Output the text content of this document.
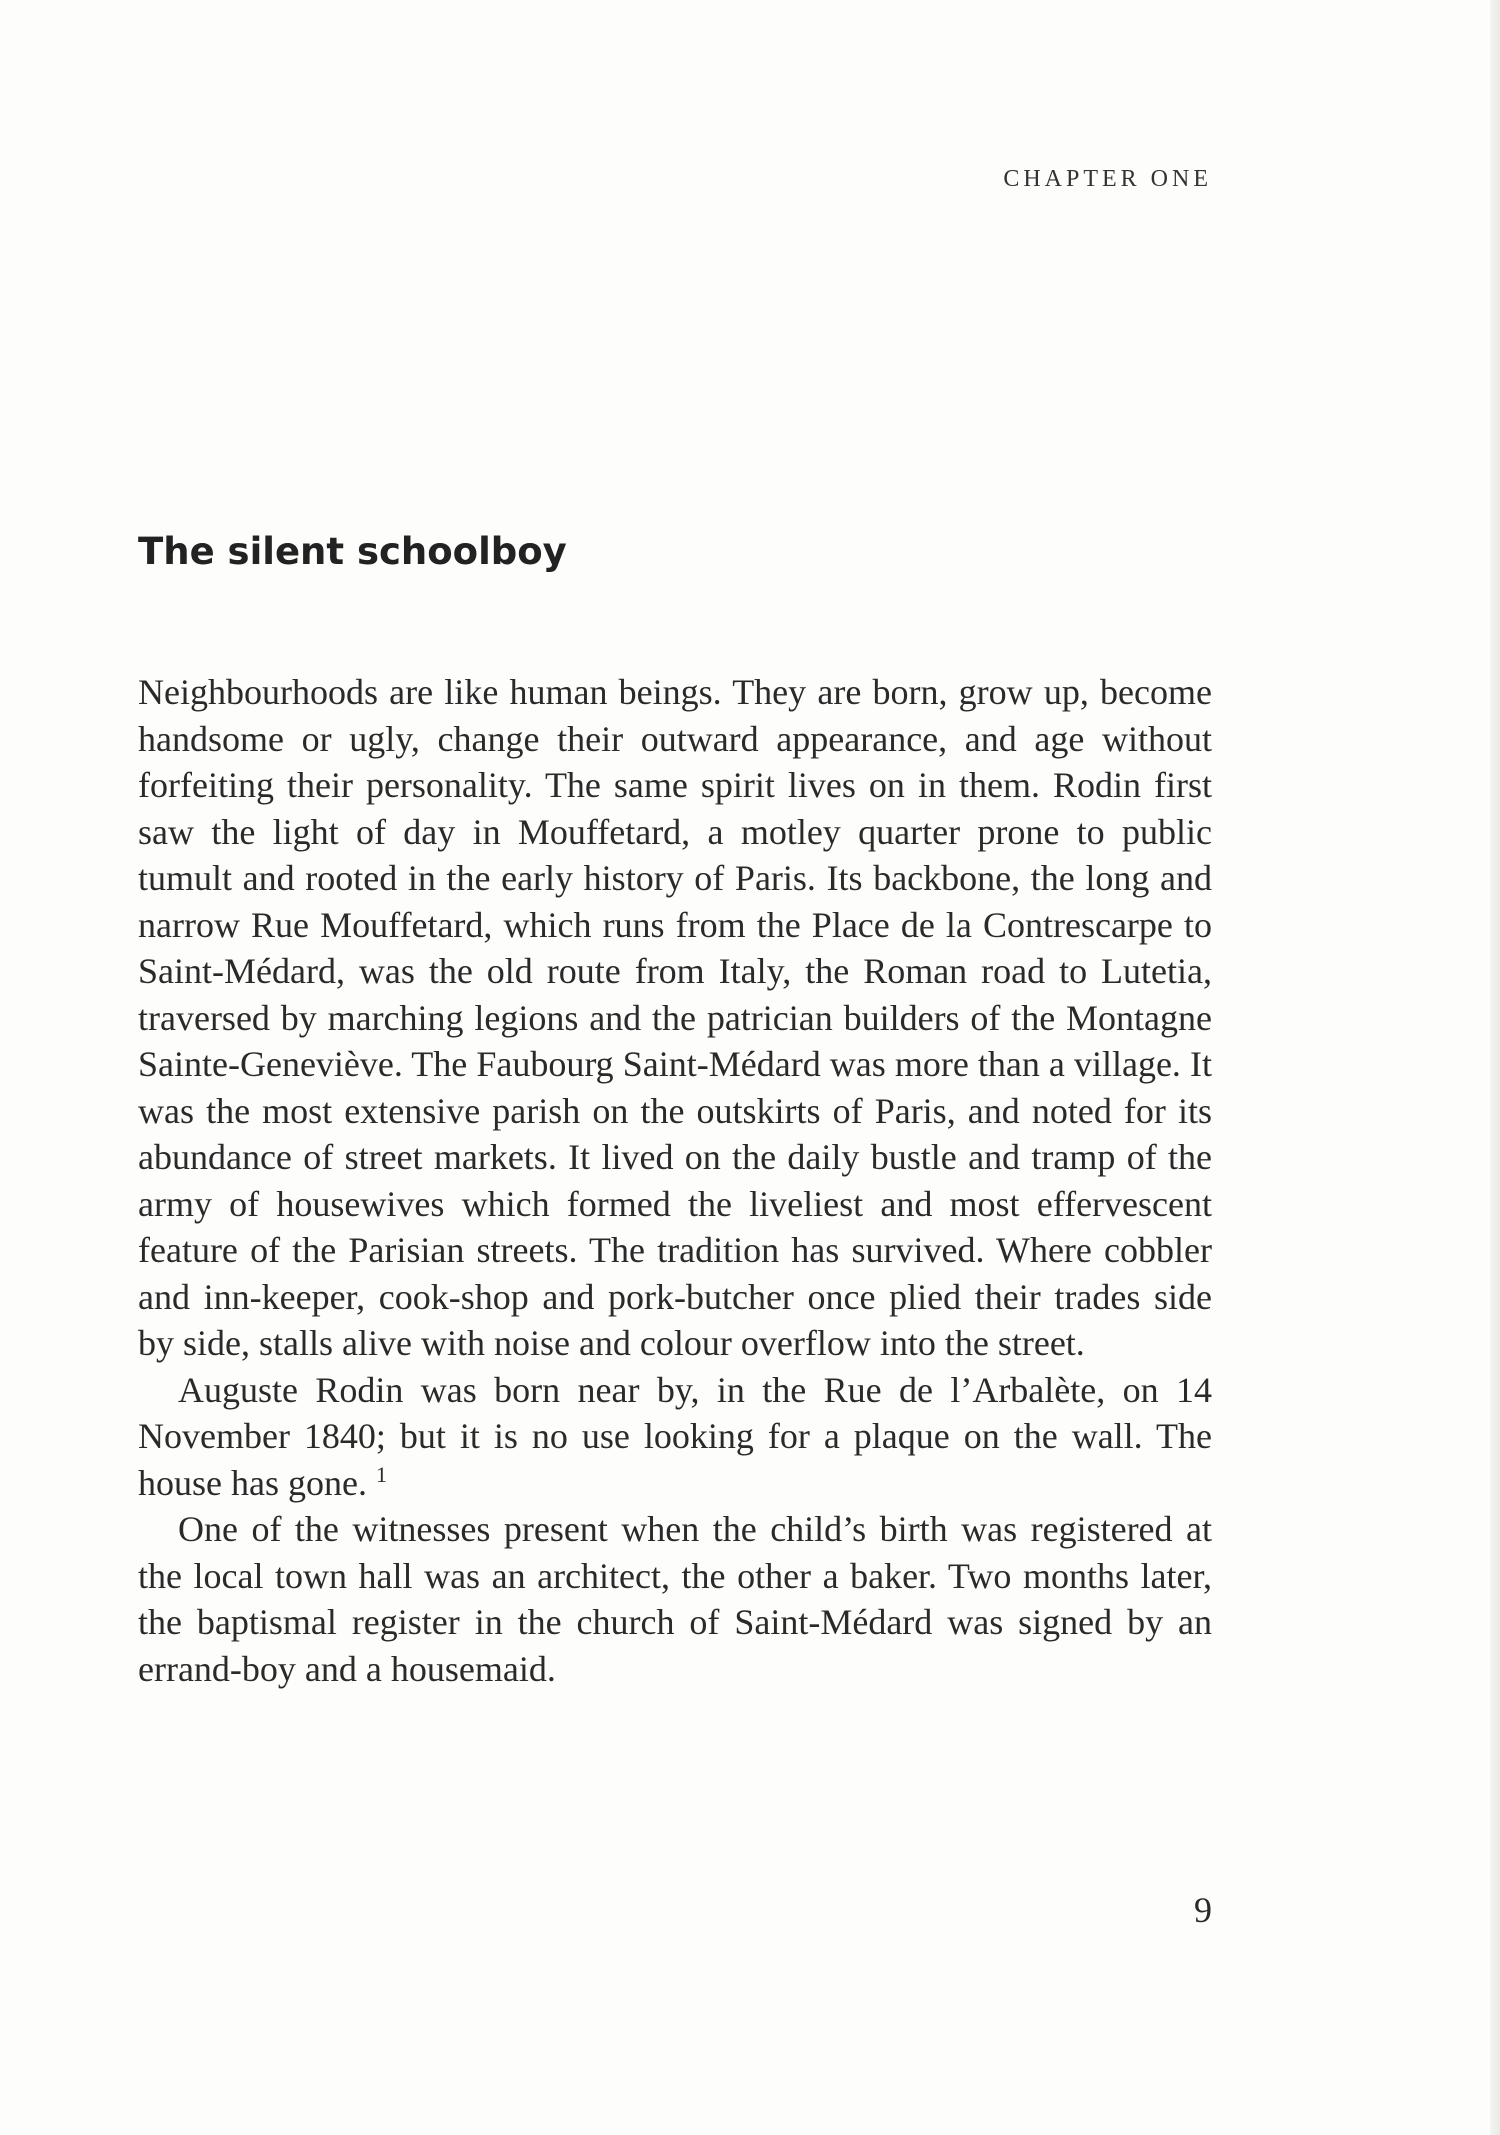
CHAPTER ONE
The silent schoolboy

Neighbourhoods are like human beings. They are born, grow up, become handsome or ugly, change their outward appearance, and age without forfeiting their personality. The same spirit lives on in them. Rodin first saw the light of day in Mouffetard, a motley quarter prone to public tumult and rooted in the early history of Paris. Its backbone, the long and narrow Rue Mouffetard, which runs from the Place de la Contrescarpe to Saint-Médard, was the old route from Italy, the Roman road to Lutetia, traversed by marching legions and the patrician builders of the Montagne Sainte-Geneviève. The Faubourg Saint-Médard was more than a village. It was the most extensive parish on the outskirts of Paris, and noted for its abundance of street markets. It lived on the daily bustle and tramp of the army of housewives which formed the liveliest and most effervescent feature of the Parisian streets. The tradition has survived. Where cobbler and inn-keeper, cook-shop and pork-butcher once plied their trades side by side, stalls alive with noise and colour overflow into the street.

Auguste Rodin was born near by, in the Rue de l’Arbalète, on 14 November 1840; but it is no use looking for a plaque on the wall. The house has gone. $^1$

One of the witnesses present when the child’s birth was registered at the local town hall was an architect, the other a baker. Two months later, the baptismal register in the church of Saint-Médard was signed by an errand-boy and a housemaid.

9
